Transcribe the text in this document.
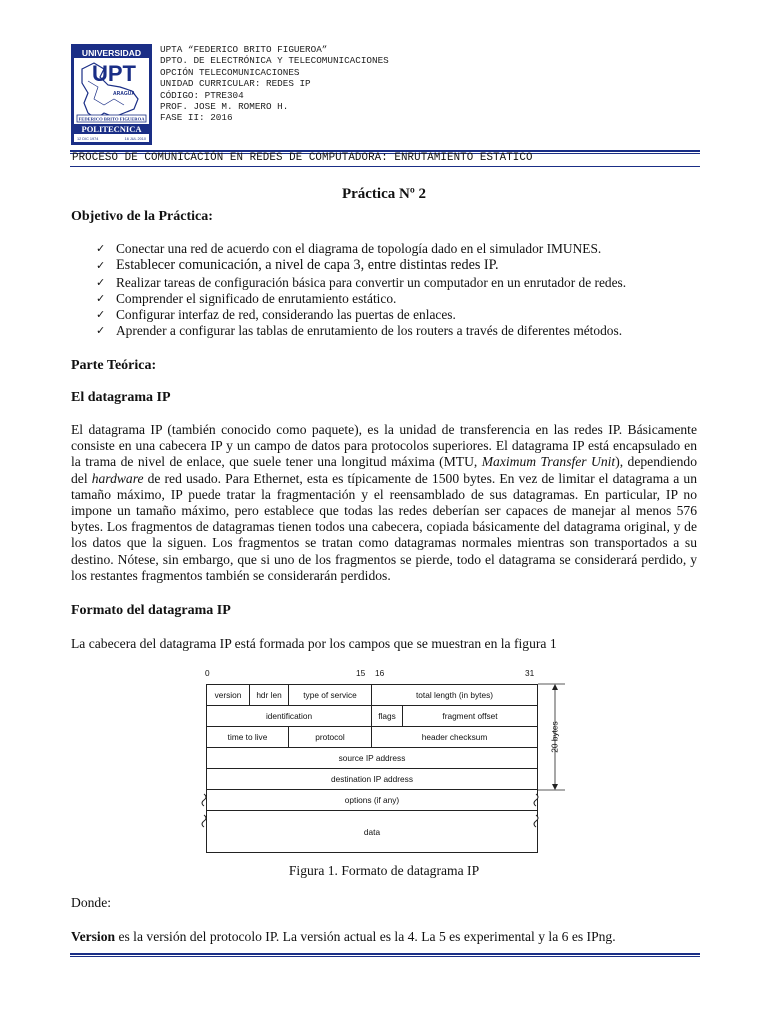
UNIVERSIDAD
UPT
ARAGUA
FEDERICO BRITO FIGUEROA
POLITECNICA
12 DIC 1974	16 JUL 2010
UPTA “FEDERICO BRITO FIGUEROA”
DPTO. DE ELECTRÓNICA Y TELECOMUNICACIONES
OPCIÓN TELECOMUNICACIONES
UNIDAD CURRICULAR: REDES IP
CÓDIGO: PTRE304
PROF. JOSE M. ROMERO H.
FASE II: 2016
PROCESO DE COMUNICACIÓN EN REDES DE COMPUTADORA: ENRUTAMIENTO ESTATICO
Práctica Nº 2
Objetivo de la Práctica:
✓ Conectar una red de acuerdo con el diagrama de topología dado en el simulador IMUNES.
✓ Establecer comunicación, a nivel de capa 3, entre distintas redes IP.
✓ Realizar tareas de configuración básica para convertir un computador en un enrutador de redes.
✓ Comprender el significado de enrutamiento estático.
✓ Configurar interfaz de red, considerando las puertas de enlaces.
✓ Aprender a configurar las tablas de enrutamiento de los routers a través de diferentes métodos.
Parte Teórica:
El datagrama IP

El datagrama IP (también conocido como paquete), es la unidad de transferencia en las redes IP. Básicamente consiste en una cabecera IP y un campo de datos para protocolos superiores. El datagrama IP está encapsulado en la trama de nivel de enlace, que suele tener una longitud máxima (MTU, Maximum Transfer Unit), dependiendo del hardware de red usado. Para Ethernet, esta es típicamente de 1500 bytes. En vez de limitar el datagrama a un tamaño máximo, IP puede tratar la fragmentación y el reensamblado de sus datagramas. En particular, IP no impone un tamaño máximo, pero establece que todas las redes deberían ser capaces de manejar al menos 576 bytes. Los fragmentos de datagramas tienen todos una cabecera, copiada básicamente del datagrama original, y de los datos que la siguen. Los fragmentos se tratan como datagramas normales mientras son transportados a su destino. Nótese, sin embargo, que si uno de los fragmentos se pierde, todo el datagrama se considerará perdido, y los restantes fragmentos también se considerarán perdidos.

Formato del datagrama IP
La cabecera del datagrama IP está formada por los campos que se muestran en la figura 1
0	15 16	31
version	hdr len	type of service	total length (in bytes)
identification	flags	fragment offset
time to live	protocol	header checksum
source IP address
destination IP address
options (if any)
data
20 bytes
Figura 1. Formato de datagrama IP
Donde:
Version es la versión del protocolo IP. La versión actual es la 4. La 5 es experimental y la 6 es IPng.
